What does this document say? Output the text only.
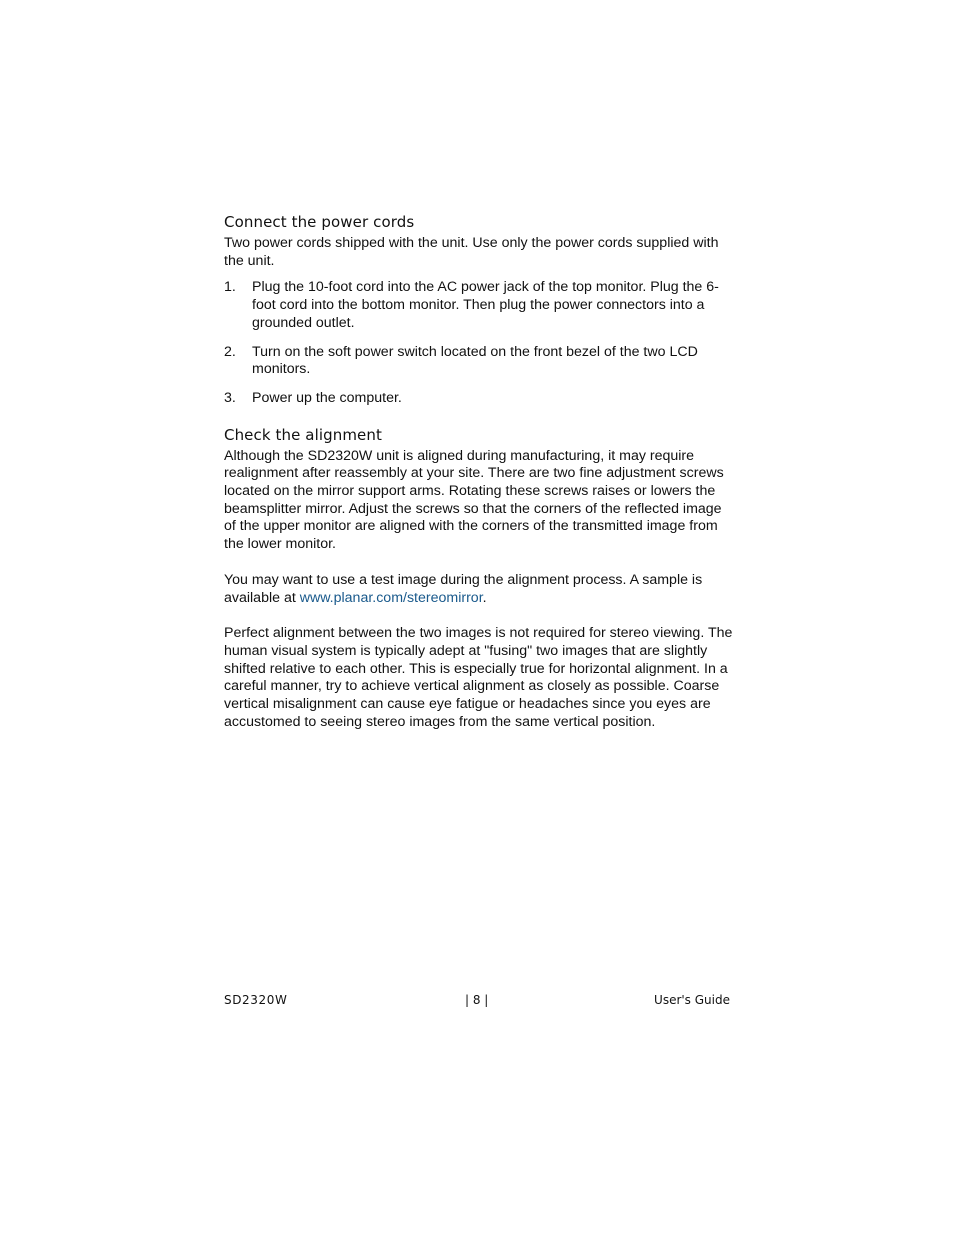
Connect the power cords

Two power cords shipped with the unit. Use only the power cords supplied with the unit.

1. Plug the 10-foot cord into the AC power jack of the top monitor. Plug the 6-foot cord into the bottom monitor. Then plug the power connectors into a grounded outlet.
2. Turn on the soft power switch located on the front bezel of the two LCD monitors.
3. Power up the computer.
Check the alignment

Although the SD2320W unit is aligned during manufacturing, it may require realignment after reassembly at your site. There are two fine adjustment screws located on the mirror support arms. Rotating these screws raises or lowers the beamsplitter mirror. Adjust the screws so that the corners of the reflected image of the upper monitor are aligned with the corners of the transmitted image from the lower monitor.

You may want to use a test image during the alignment process. A sample is available at www.planar.com/stereomirror.

Perfect alignment between the two images is not required for stereo viewing. The human visual system is typically adept at "fusing" two images that are slightly shifted relative to each other. This is especially true for horizontal alignment. In a careful manner, try to achieve vertical alignment as closely as possible. Coarse vertical misalignment can cause eye fatigue or headaches since you eyes are accustomed to seeing stereo images from the same vertical position.

SD2320W	| 8 |	User's Guide
